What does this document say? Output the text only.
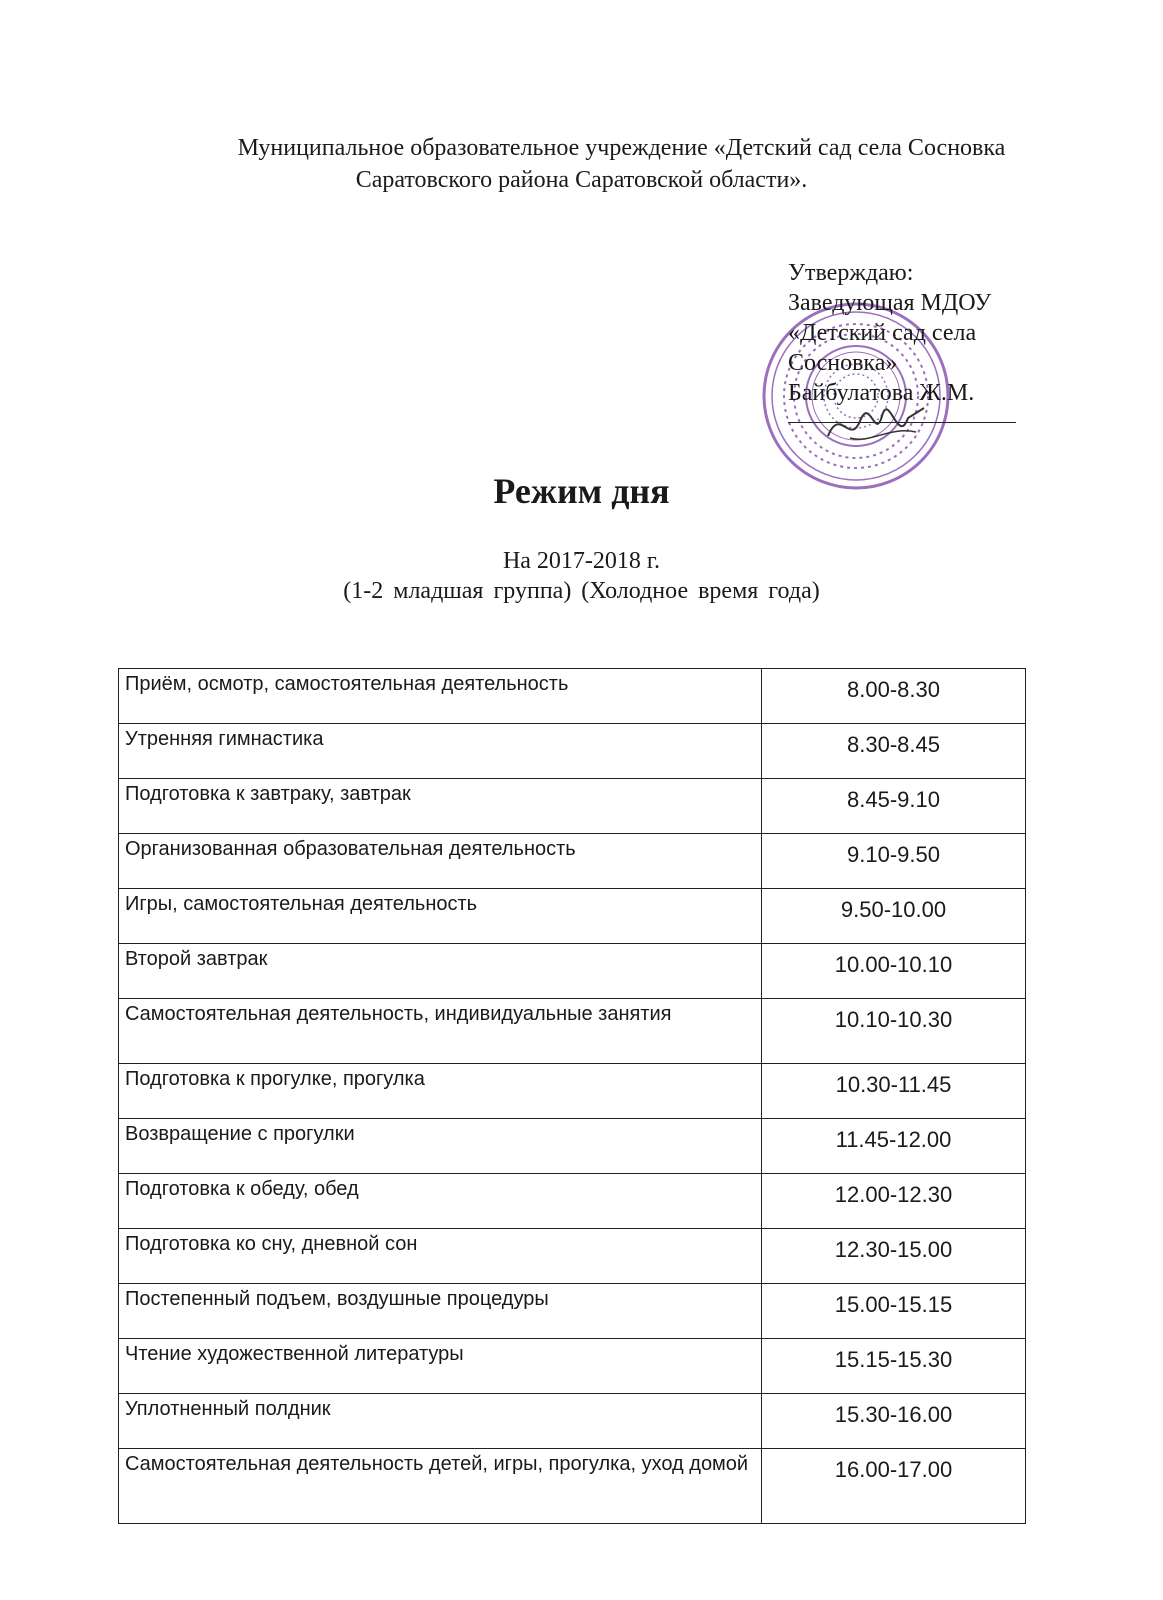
Муниципальное образовательное учреждение «Детский сад села Сосновка
Саратовского района Саратовской области».
Утверждаю:
Заведующая МДОУ
«Детский сад села
Сосновка»
Байбулатова Ж.М.
Режим дня
На 2017-2018 г.
(1-2 младшая группа) (Холодное время года)
Приём, осмотр, самостоятельная деятельность	8.00-8.30
Утренняя гимнастика	8.30-8.45
Подготовка к завтраку, завтрак	8.45-9.10
Организованная образовательная деятельность	9.10-9.50
Игры, самостоятельная деятельность	9.50-10.00
Второй завтрак	10.00-10.10
Самостоятельная деятельность, индивидуальные занятия	10.10-10.30
Подготовка к прогулке, прогулка	10.30-11.45
Возвращение с прогулки	11.45-12.00
Подготовка к обеду, обед	12.00-12.30
Подготовка ко сну, дневной сон	12.30-15.00
Постепенный подъем, воздушные процедуры	15.00-15.15
Чтение художественной литературы	15.15-15.30
Уплотненный полдник	15.30-16.00
Самостоятельная деятельность детей, игры, прогулка, уход домой	16.00-17.00
